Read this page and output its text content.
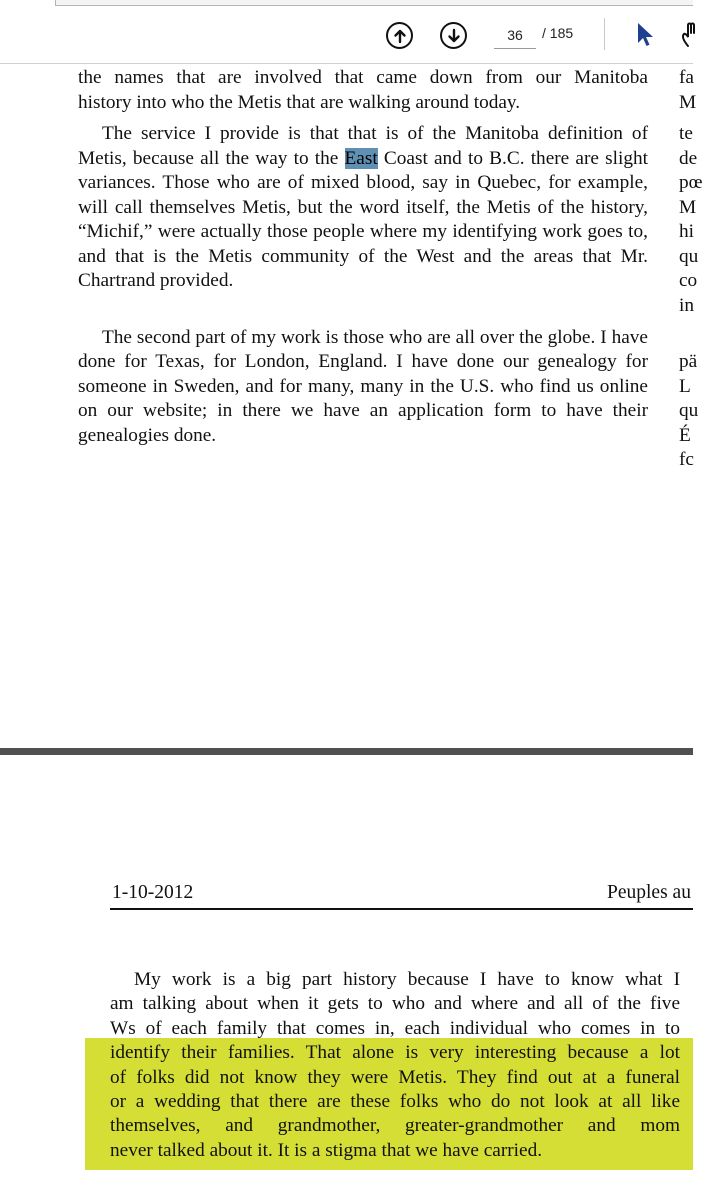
36
/ 185

the names that are involved that came down from our Manitoba
history into who the Metis that are walking around today.

The service I provide is that that is of the Manitoba definition of Metis, because all the way to the East Coast and to B.C. there are slight variances. Those who are of mixed blood, say in Quebec, for example, will call themselves Metis, but the word itself, the Metis of the history, “Michif,” were actually those people where my identifying work goes to, and that is the Metis community of the West and the areas that Mr. Chartrand provided.

The second part of my work is those who are all over the globe. I have done for Texas, for London, England. I have done our genealogy for someone in Sweden, and for many, many in the U.S. who find us online on our website; in there we have an application form to have their genealogies done.

fa
M
te
de
pœ
M
hi
qu
co
in
pä
L
qu
É
fc
1-10-2012	Peuples au

My work is a big part history because I have to know what I
am talking about when it gets to who and where and all of the five
Ws of each family that comes in, each individual who comes in to
identify their families. That alone is very interesting because a lot
of folks did not know they were Metis. They find out at a funeral
or a wedding that there are these folks who do not look at all like
themselves, and grandmother, greater-grandmother and mom
never talked about it. It is a stigma that we have carried.
